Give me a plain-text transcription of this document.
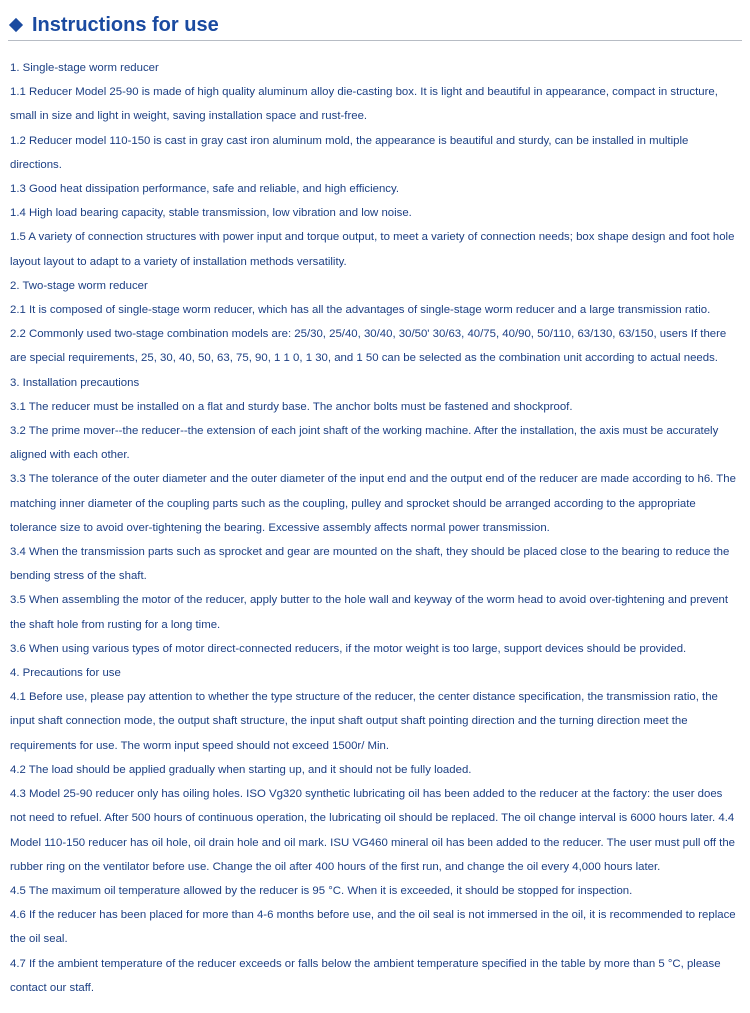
Instructions for use

1. Single-stage worm reducer

1.1 Reducer Model 25-90 is made of high quality aluminum alloy die-casting box. It is light and beautiful in appearance, compact in structure, small in size and light in weight, saving installation space and rust-free.

1.2 Reducer model 110-150 is cast in gray cast iron aluminum mold, the appearance is beautiful and sturdy, can be installed in multiple directions.

1.3 Good heat dissipation performance, safe and reliable, and high efficiency.

1.4 High load bearing capacity, stable transmission, low vibration and low noise.

1.5 A variety of connection structures with power input and torque output, to meet a variety of connection needs; box shape design and foot hole layout layout to adapt to a variety of installation methods versatility.

2. Two-stage worm reducer

2.1 It is composed of single-stage worm reducer, which has all the advantages of single-stage worm reducer and a large transmission ratio.

2.2 Commonly used two-stage combination models are: 25/30, 25/40, 30/40, 30/50' 30/63, 40/75, 40/90, 50/110, 63/130, 63/150, users If there are special requirements, 25, 30, 40, 50, 63, 75, 90, 1 1 0, 1 30, and 1 50 can be selected as the combination unit according to actual needs.

3. Installation precautions

3.1 The reducer must be installed on a flat and sturdy base. The anchor bolts must be fastened and shockproof.

3.2 The prime mover--the reducer--the extension of each joint shaft of the working machine. After the installation, the axis must be accurately aligned with each other.

3.3 The tolerance of the outer diameter and the outer diameter of the input end and the output end of the reducer are made according to h6. The matching inner diameter of the coupling parts such as the coupling, pulley and sprocket should be arranged according to the appropriate tolerance size to avoid over-tightening the bearing. Excessive assembly affects normal power transmission.

3.4 When the transmission parts such as sprocket and gear are mounted on the shaft, they should be placed close to the bearing to reduce the bending stress of the shaft.

3.5 When assembling the motor of the reducer, apply butter to the hole wall and keyway of the worm head to avoid over-tightening and prevent the shaft hole from rusting for a long time.

3.6 When using various types of motor direct-connected reducers, if the motor weight is too large, support devices should be provided.

4. Precautions for use

4.1 Before use, please pay attention to whether the type structure of the reducer, the center distance specification, the transmission ratio, the input shaft connection mode, the output shaft structure, the input shaft output shaft pointing direction and the turning direction meet the requirements for use. The worm input speed should not exceed 1500r/ Min.

4.2 The load should be applied gradually when starting up, and it should not be fully loaded.

4.3 Model 25-90 reducer only has oiling holes. ISO Vg320 synthetic lubricating oil has been added to the reducer at the factory: the user does not need to refuel. After 500 hours of continuous operation, the lubricating oil should be replaced. The oil change interval is 6000 hours later. 4.4 Model 110-150 reducer has oil hole, oil drain hole and oil mark. ISU VG460 mineral oil has been added to the reducer. The user must pull off the rubber ring on the ventilator before use. Change the oil after 400 hours of the first run, and change the oil every 4,000 hours later.

4.5 The maximum oil temperature allowed by the reducer is 95 °C. When it is exceeded, it should be stopped for inspection.

4.6 If the reducer has been placed for more than 4-6 months before use, and the oil seal is not immersed in the oil, it is recommended to replace the oil seal.

4.7 If the ambient temperature of the reducer exceeds or falls below the ambient temperature specified in the table by more than 5 °C, please contact our staff.
